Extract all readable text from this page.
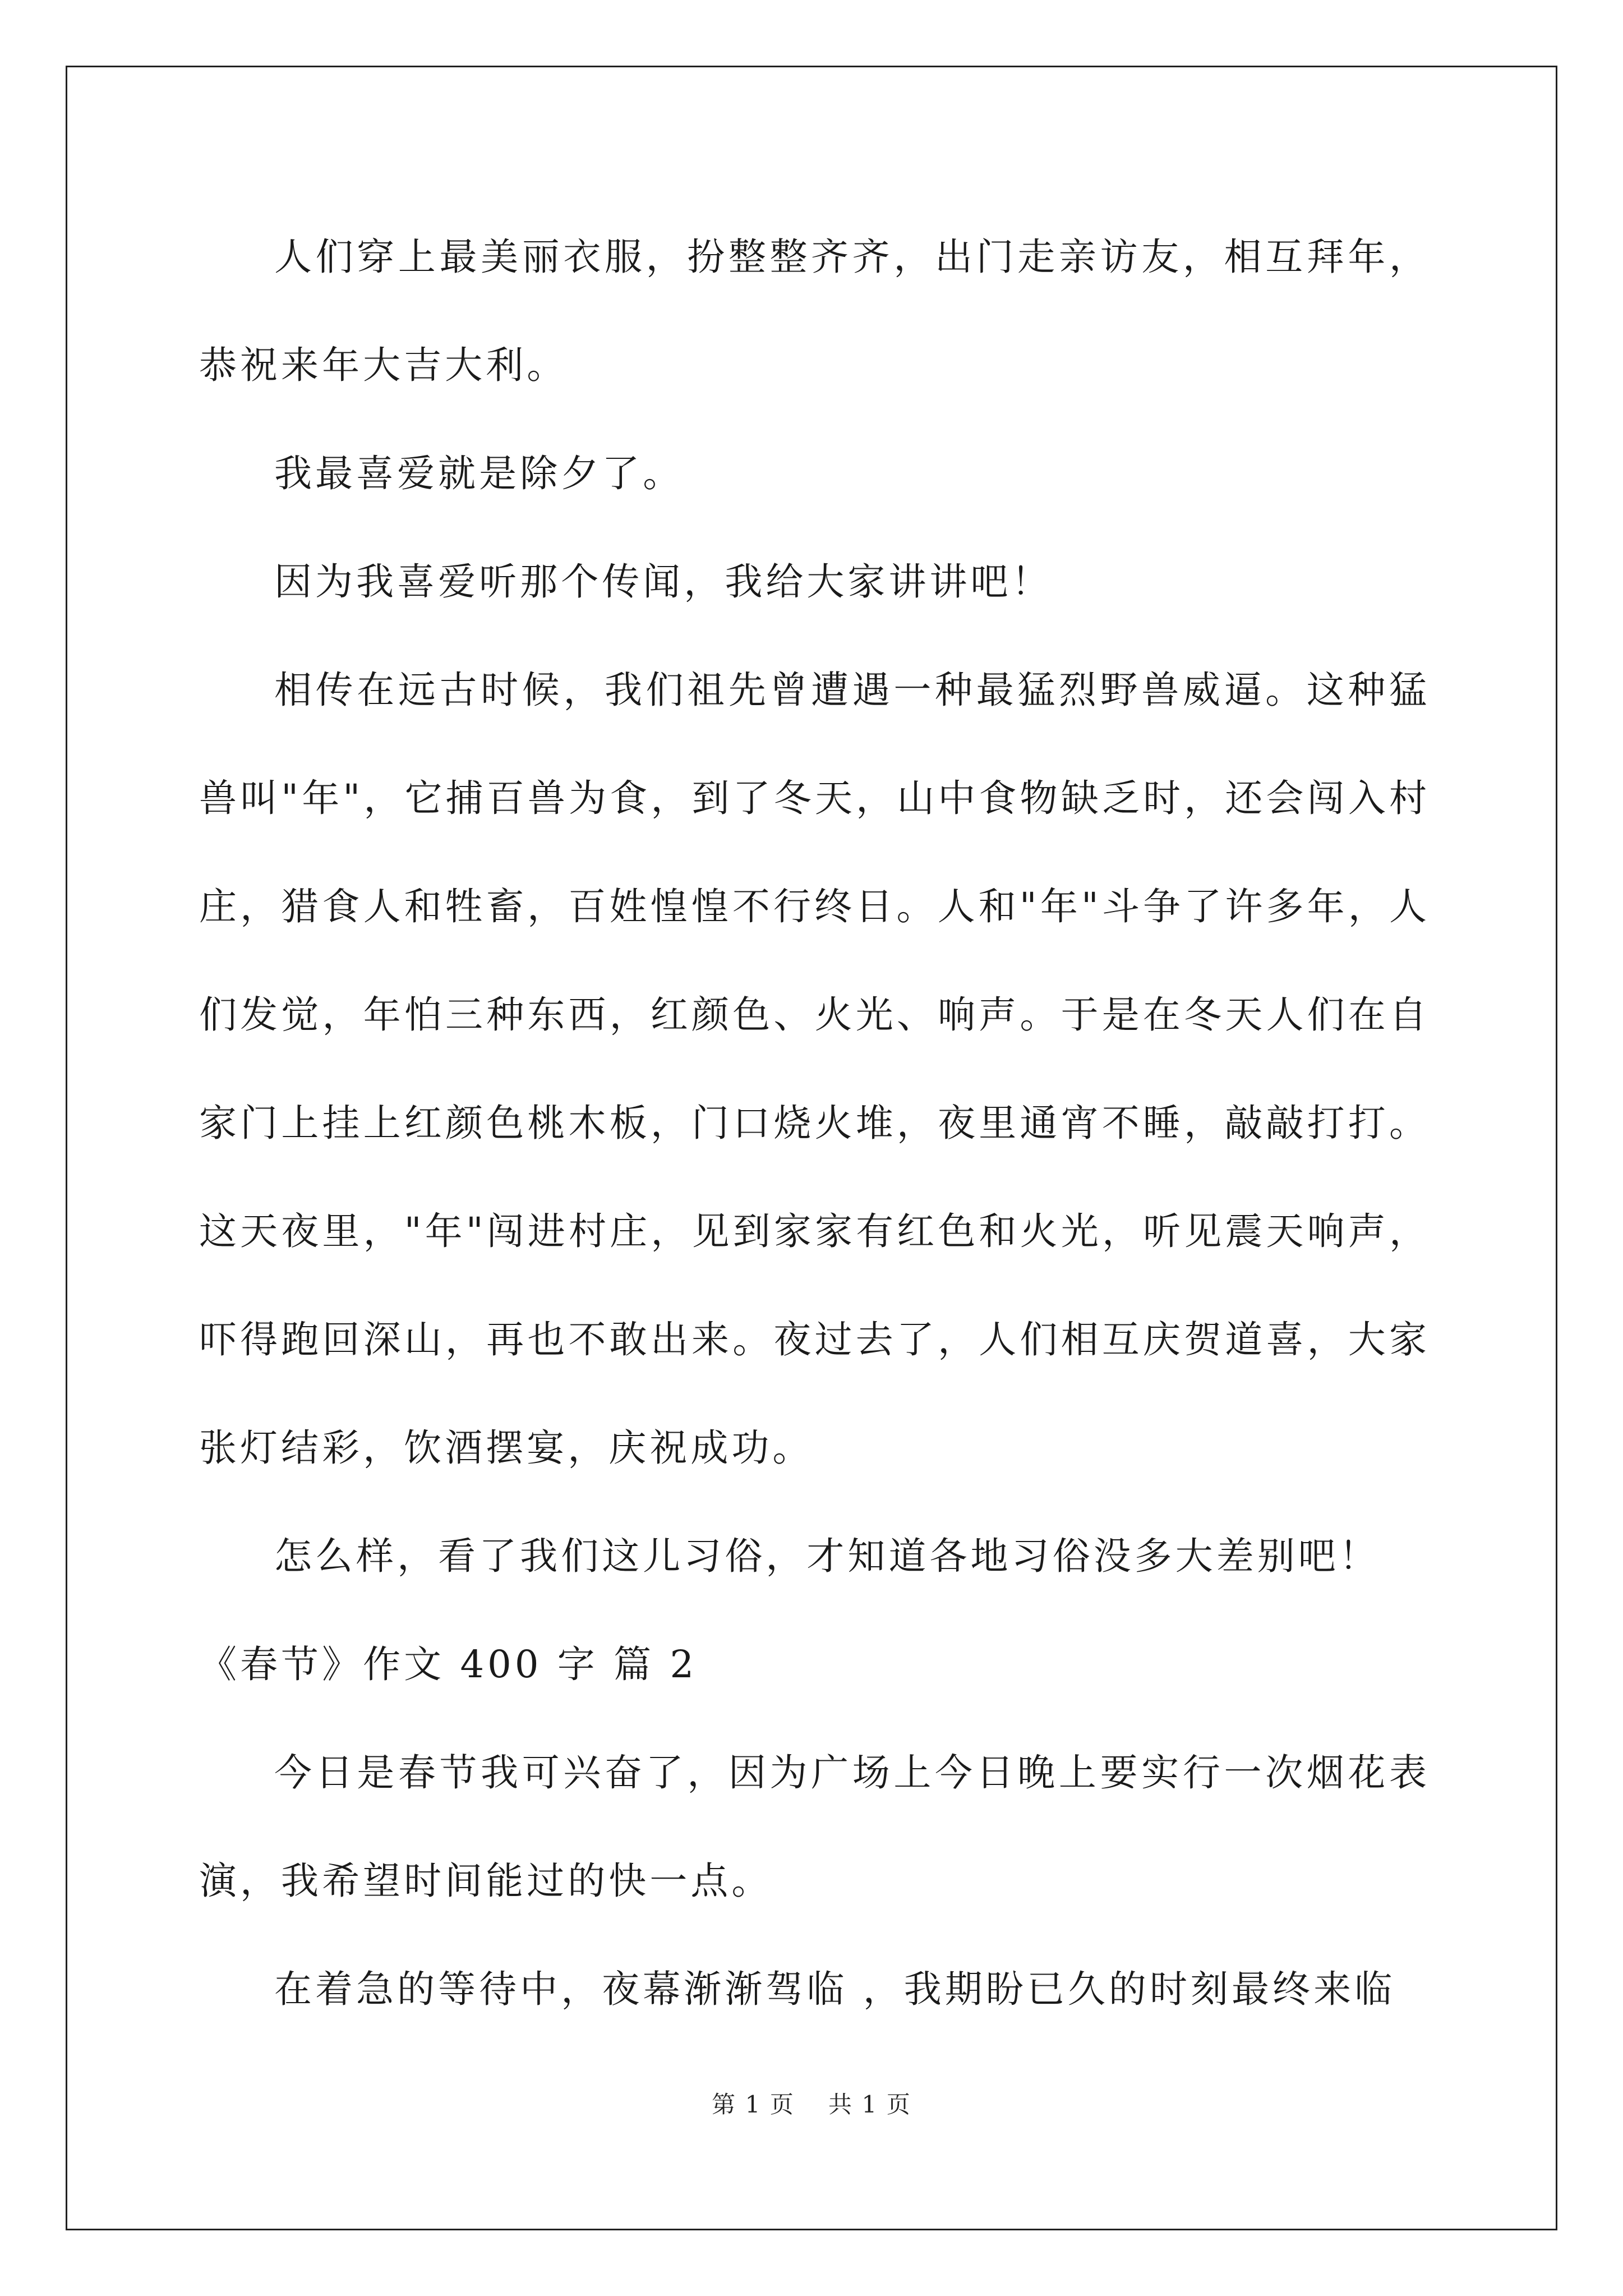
人们穿上最美丽衣服，扮整整齐齐，出门走亲访友，相互拜年，恭祝来年大吉大利。

我最喜爱就是除夕了。

因为我喜爱听那个传闻，我给大家讲讲吧！

相传在远古时候，我们祖先曾遭遇一种最猛烈野兽威逼。这种猛兽叫"年"，它捕百兽为食，到了冬天，山中食物缺乏时，还会闯入村庄，猎食人和牲畜，百姓惶惶不行终日。人和"年"斗争了许多年，人们发觉，年怕三种东西，红颜色、火光、响声。于是在冬天人们在自家门上挂上红颜色桃木板，门口烧火堆，夜里通宵不睡，敲敲打打。这天夜里，"年"闯进村庄，见到家家有红色和火光，听见震天响声，吓得跑回深山，再也不敢出来。夜过去了，人们相互庆贺道喜，大家张灯结彩，饮酒摆宴，庆祝成功。

怎么样，看了我们这儿习俗，才知道各地习俗没多大差别吧！

《春节》作文 400 字 篇 2

今日是春节我可兴奋了，因为广场上今日晚上要实行一次烟花表演，我希望时间能过的快一点。

在着急的等待中，夜幕渐渐驾临 ，我期盼已久的时刻最终来临

第 1 页 共 1 页
